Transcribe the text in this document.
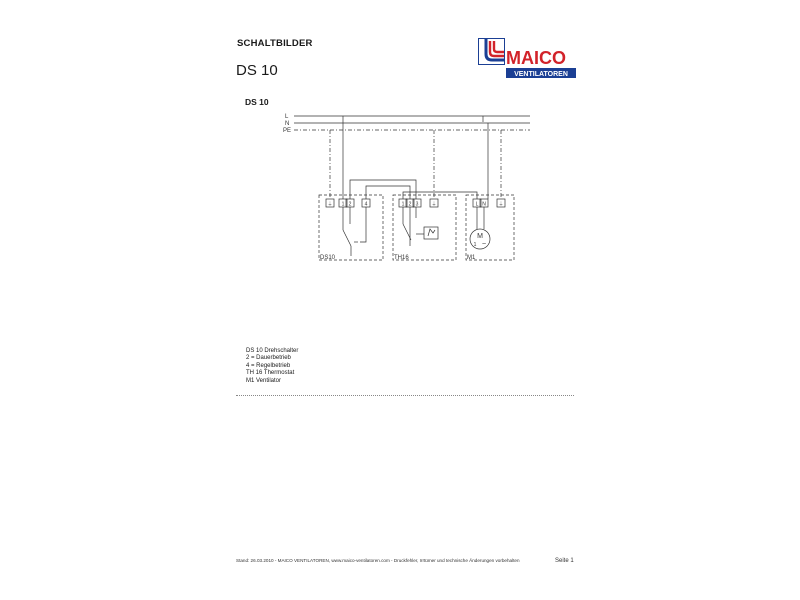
SCHALTBILDER
DS 10
MAICO
VENTILATOREN
DS 10
L
N
PE
⏚ 1 2	4	1 2 3	⏚	L N	⏚
M
1 ~
DS10	TH16	M1
DS 10 Drehschalter
2 = Dauerbetrieb
4 = Regelbetrieb
TH 16 Thermostat
M1 Ventilator
Stand: 26.03.2010 - MAICO VENTILATOREN, www.maico-ventilatoren.com - Druckfehler, Irrtümer und technische Änderungen vorbehalten	Seite 1
